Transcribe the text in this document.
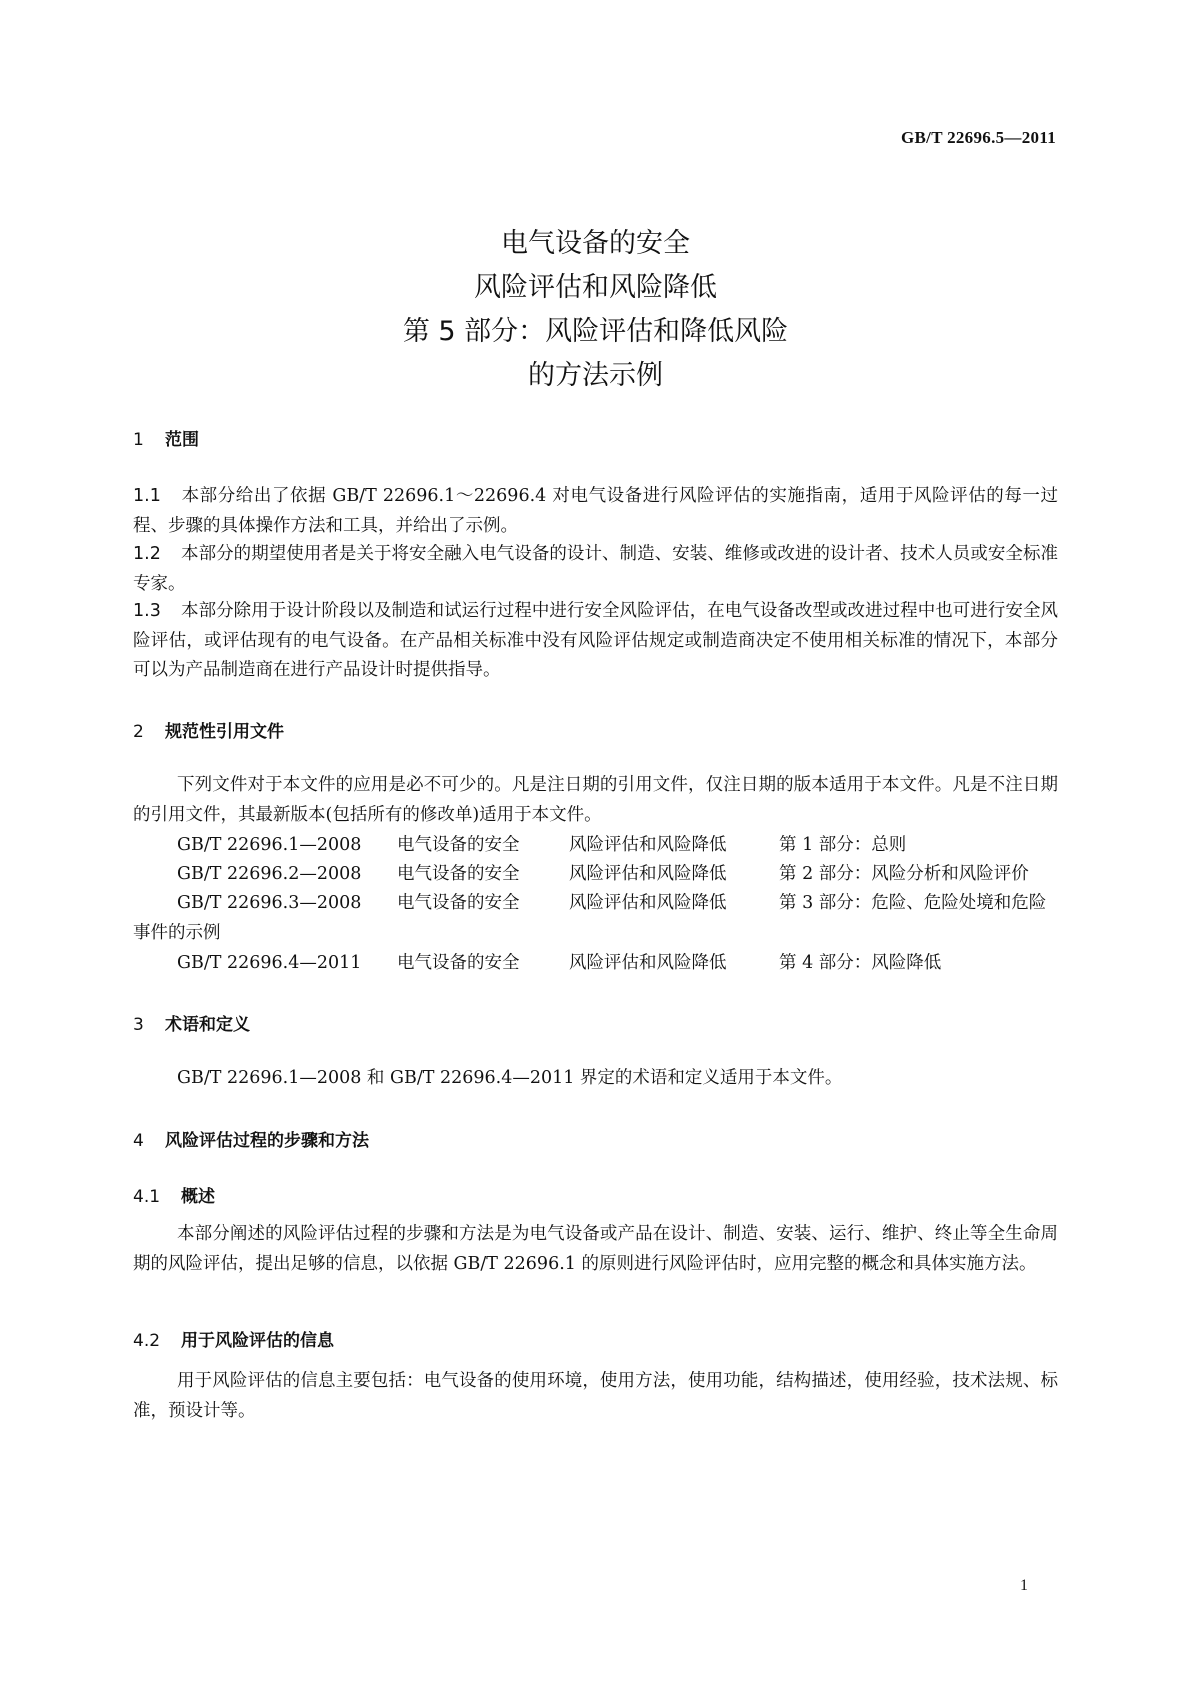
GB/T 22696.5—2011
电气设备的安全
风险评估和风险降低
第 5 部分：风险评估和降低风险
的方法示例
1 范围
1.1 本部分给出了依据 GB/T 22696.1～22696.4 对电气设备进行风险评估的实施指南，适用于风险评估的每一过程、步骤的具体操作方法和工具，并给出了示例。
1.2 本部分的期望使用者是关于将安全融入电气设备的设计、制造、安装、维修或改进的设计者、技术人员或安全标准专家。
1.3 本部分除用于设计阶段以及制造和试运行过程中进行安全风险评估，在电气设备改型或改进过程中也可进行安全风险评估，或评估现有的电气设备。在产品相关标准中没有风险评估规定或制造商决定不使用相关标准的情况下，本部分可以为产品制造商在进行产品设计时提供指导。
2 规范性引用文件
下列文件对于本文件的应用是必不可少的。凡是注日期的引用文件，仅注日期的版本适用于本文件。凡是不注日期的引用文件，其最新版本(包括所有的修改单)适用于本文件。
GB/T 22696.1—2008 电气设备的安全	风险评估和风险降低	第 1 部分：总则
GB/T 22696.2—2008 电气设备的安全	风险评估和风险降低	第 2 部分：风险分析和风险评价
GB/T 22696.3—2008 电气设备的安全	风险评估和风险降低	第 3 部分：危险、危险处境和危险事件的示例
GB/T 22696.4—2011 电气设备的安全	风险评估和风险降低	第 4 部分：风险降低
3 术语和定义
GB/T 22696.1—2008 和 GB/T 22696.4—2011 界定的术语和定义适用于本文件。
4 风险评估过程的步骤和方法
4.1 概述
本部分阐述的风险评估过程的步骤和方法是为电气设备或产品在设计、制造、安装、运行、维护、终止等全生命周期的风险评估，提出足够的信息，以依据 GB/T 22696.1 的原则进行风险评估时，应用完整的概念和具体实施方法。
4.2 用于风险评估的信息
用于风险评估的信息主要包括：电气设备的使用环境，使用方法，使用功能，结构描述，使用经验，技术法规、标准，预设计等。
1
